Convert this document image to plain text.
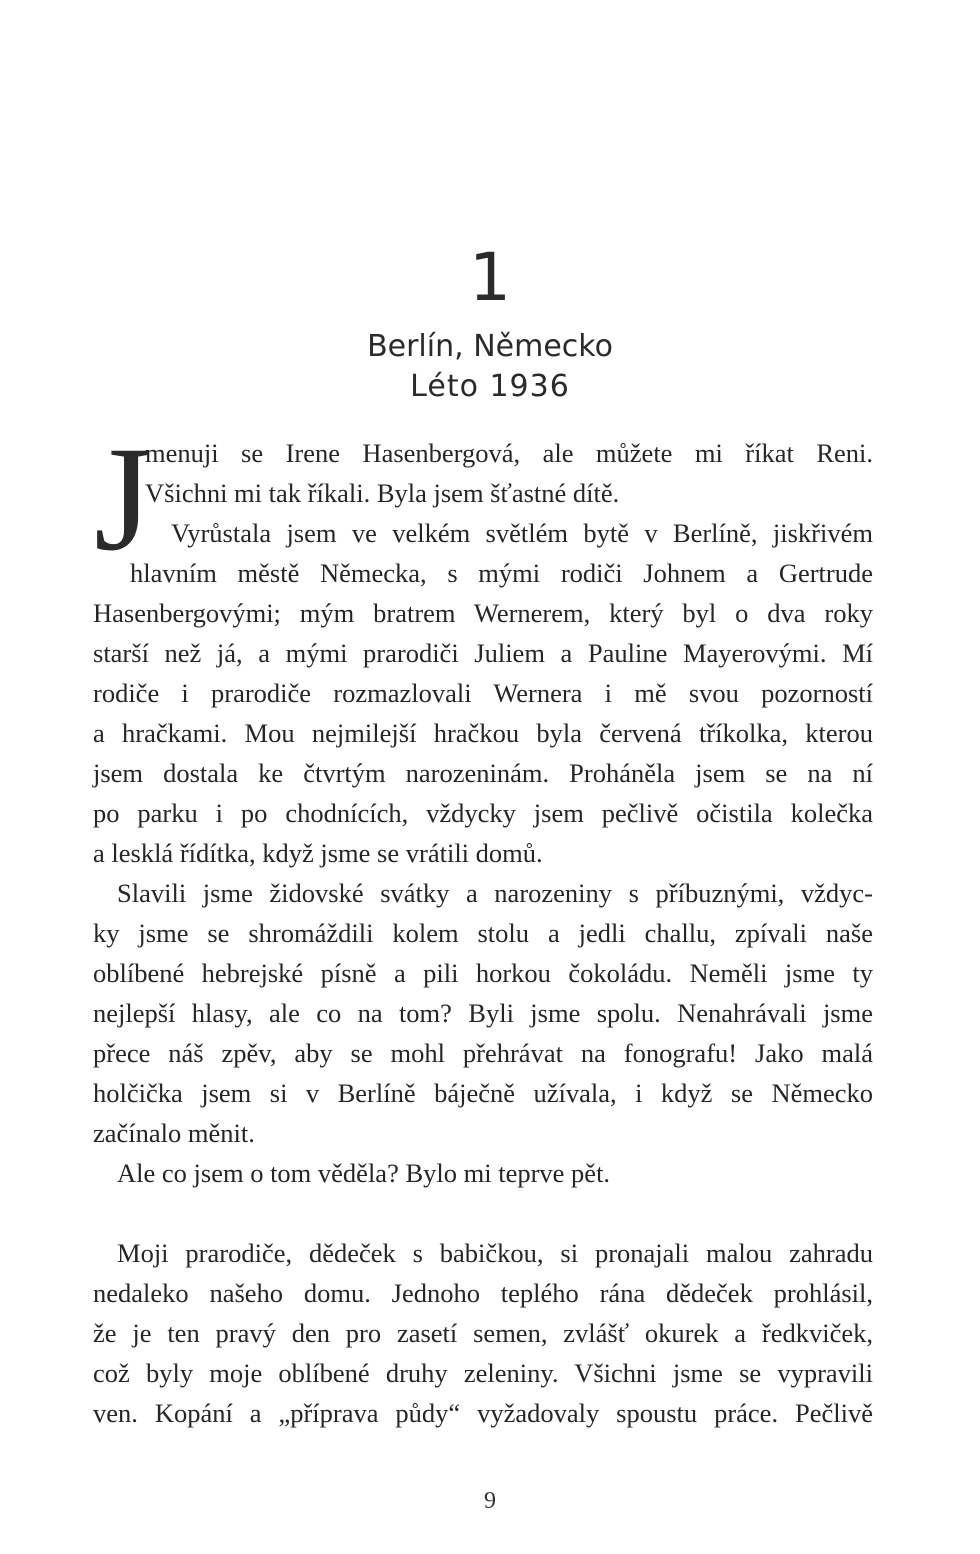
1
Berlín, Německo
Léto 1936
J
menuji se Irene Hasenbergová, ale můžete mi říkat Reni.
Všichni mi tak říkali. Byla jsem šťastné dítě.
Vyrůstala jsem ve velkém světlém bytě v Berlíně, jiskřivém
hlavním městě Německa, s mými rodiči Johnem a Gertrude
Hasenbergovými; mým bratrem Wernerem, který byl o dva roky
starší než já, a mými prarodiči Juliem a Pauline Mayerovými. Mí
rodiče i prarodiče rozmazlovali Wernera i mě svou pozorností
a hračkami. Mou nejmilejší hračkou byla červená tříkolka, kterou
jsem dostala ke čtvrtým narozeninám. Proháněla jsem se na ní
po parku i po chodnících, vždycky jsem pečlivě očistila kolečka
a lesklá řídítka, když jsme se vrátili domů.
Slavili jsme židovské svátky a narozeniny s příbuznými, vždyc-
ky jsme se shromáždili kolem stolu a jedli challu, zpívali naše
oblíbené hebrejské písně a pili horkou čokoládu. Neměli jsme ty
nejlepší hlasy, ale co na tom? Byli jsme spolu. Nenahrávali jsme
přece náš zpěv, aby se mohl přehrávat na fonografu! Jako malá
holčička jsem si v Berlíně báječně užívala, i když se Německo
začínalo měnit.
Ale co jsem o tom věděla? Bylo mi teprve pět.
Moji prarodiče, dědeček s babičkou, si pronajali malou zahradu
nedaleko našeho domu. Jednoho teplého rána dědeček prohlásil,
že je ten pravý den pro zasetí semen, zvlášť okurek a ředkviček,
což byly moje oblíbené druhy zeleniny. Všichni jsme se vypravili
ven. Kopání a „příprava půdy“ vyžadovaly spoustu práce. Pečlivě
9
